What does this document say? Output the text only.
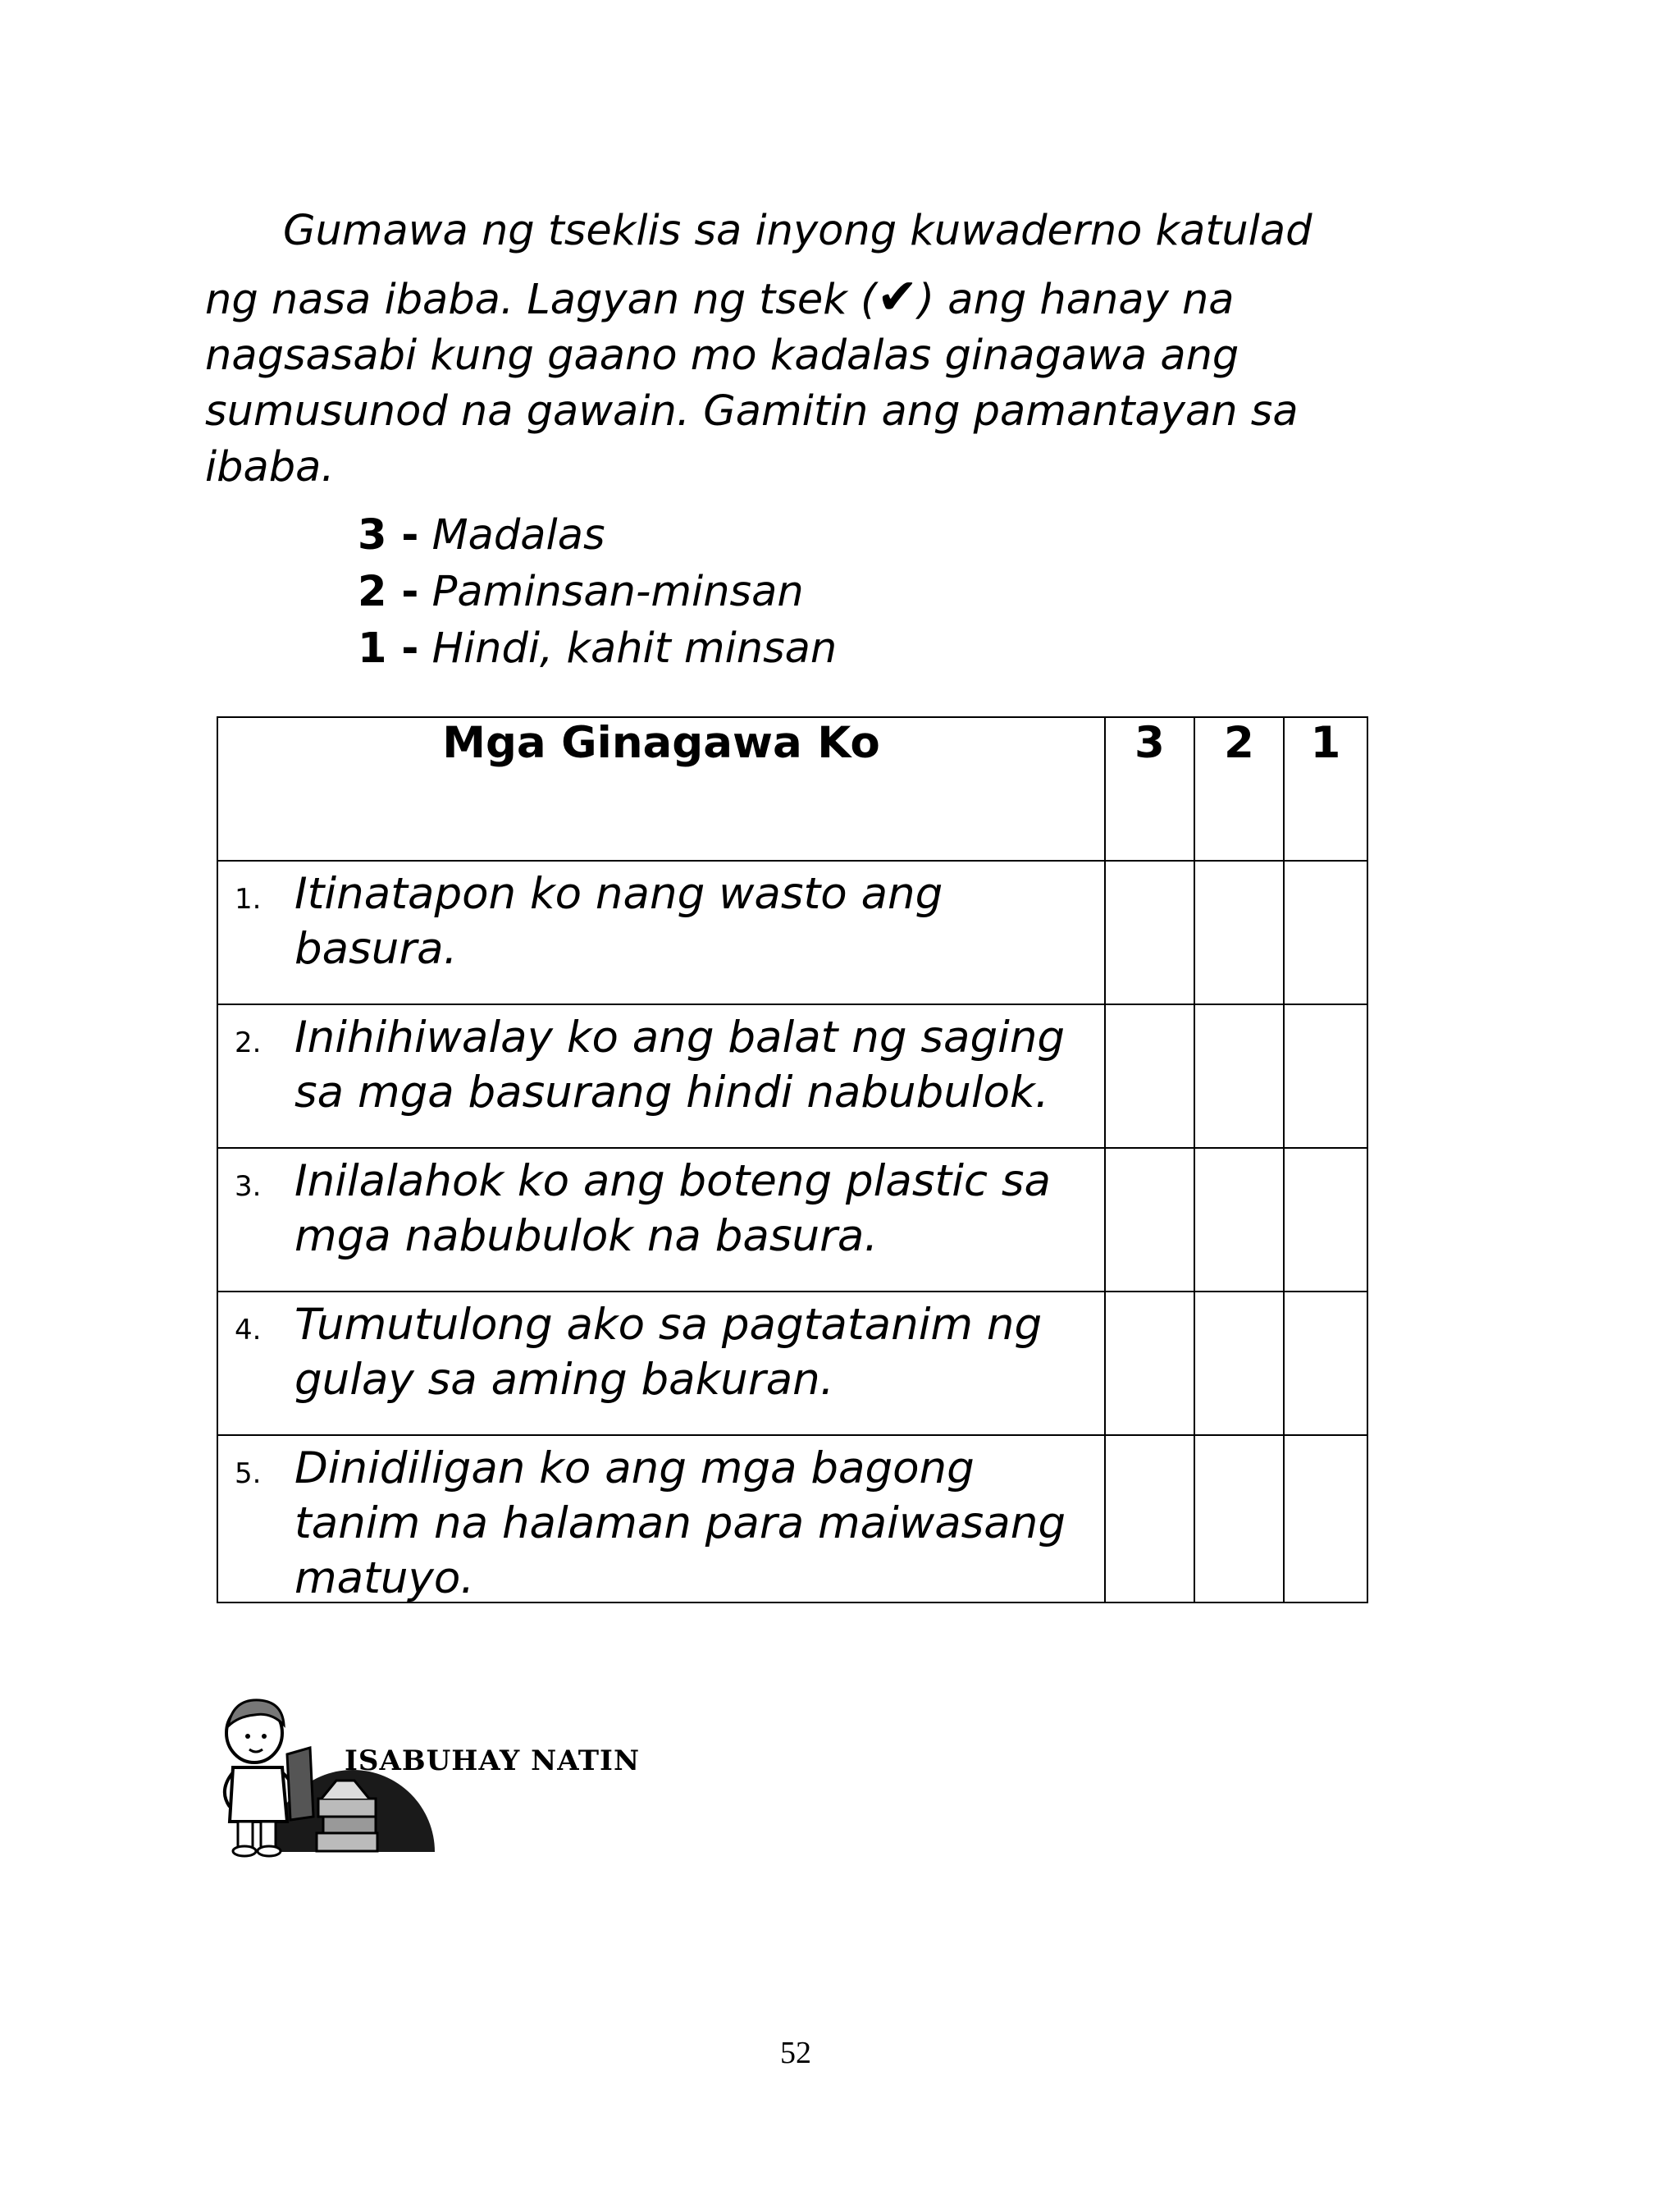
Gumawa ng tseklis sa inyong kuwaderno katulad
ng nasa ibaba. Lagyan ng tsek (✔) ang hanay na
nagsasabi kung gaano mo kadalas ginagawa ang
sumusunod na gawain. Gamitin ang pamantayan sa
ibaba.
3 - Madalas
2 - Paminsan-minsan
1 - Hindi, kahit minsan
Mga Ginagawa Ko	3	2	1

1. Itinatapon ko nang wasto ang basura.			

2. Inihihiwalay ko ang balat ng saging sa mga basurang hindi nabubulok.			

3. Inilalahok ko ang boteng plastic sa mga nabubulok na basura.			

4. Tumutulong ako sa pagtatanim ng gulay sa aming bakuran.			

5. Dinidiligan ko ang mga bagong tanim na halaman para maiwasang matuyo.			

ISABUHAY NATIN
52
